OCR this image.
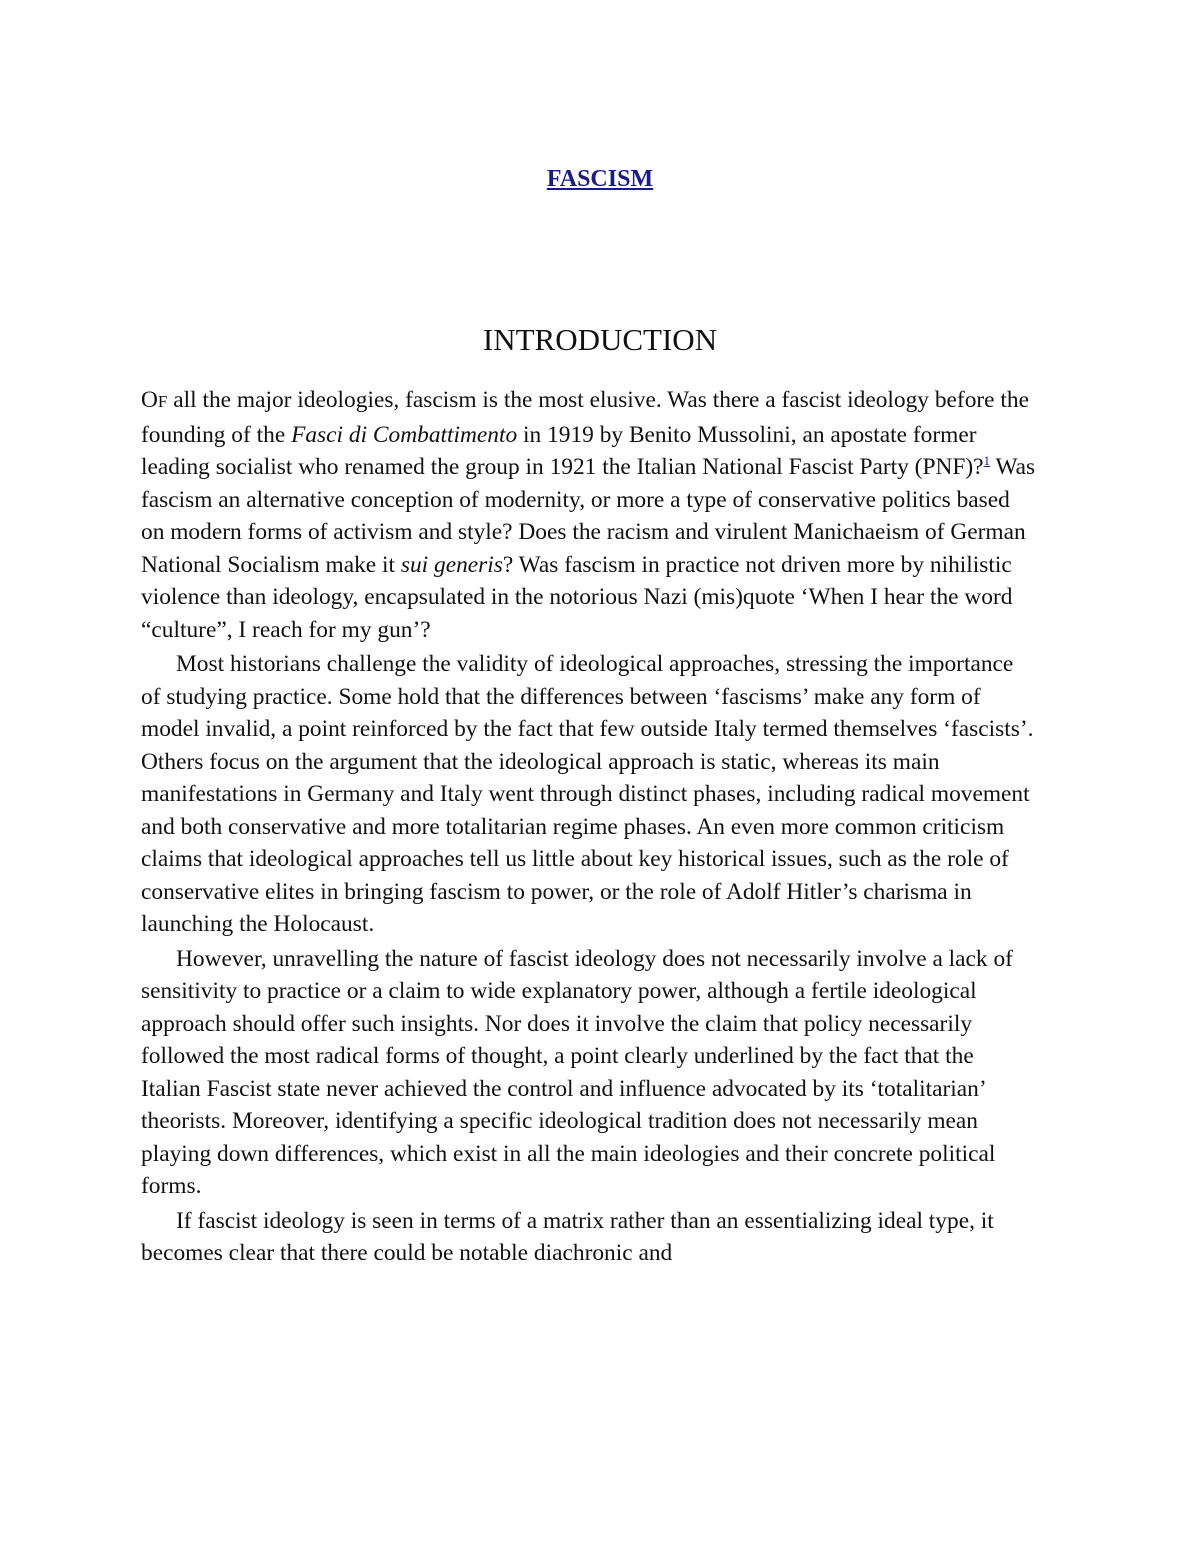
FASCISM
INTRODUCTION

OF all the major ideologies, fascism is the most elusive. Was there a fascist ideology before the founding of the Fasci di Combattimento in 1919 by Benito Mussolini, an apostate former leading socialist who renamed the group in 1921 the Italian National Fascist Party (PNF)?$^1$ Was fascism an alternative conception of modernity, or more a type of conservative politics based on modern forms of activism and style? Does the racism and virulent Manichaeism of German National Socialism make it sui generis? Was fascism in practice not driven more by nihilistic violence than ideology, encapsulated in the notorious Nazi (mis)quote ‘When I hear the word “culture”, I reach for my gun’?

Most historians challenge the validity of ideological approaches, stressing the importance of studying practice. Some hold that the differences between ‘fascisms’ make any form of model invalid, a point reinforced by the fact that few outside Italy termed themselves ‘fascists’. Others focus on the argument that the ideological approach is static, whereas its main manifestations in Germany and Italy went through distinct phases, including radical movement and both conservative and more totalitarian regime phases. An even more common criticism claims that ideological approaches tell us little about key historical issues, such as the role of conservative elites in bringing fascism to power, or the role of Adolf Hitler’s charisma in launching the Holocaust.

However, unravelling the nature of fascist ideology does not necessarily involve a lack of sensitivity to practice or a claim to wide explanatory power, although a fertile ideological approach should offer such insights. Nor does it involve the claim that policy necessarily followed the most radical forms of thought, a point clearly underlined by the fact that the Italian Fascist state never achieved the control and influence advocated by its ‘totalitarian’ theorists. Moreover, identifying a specific ideological tradition does not necessarily mean playing down differences, which exist in all the main ideologies and their concrete political forms.

If fascist ideology is seen in terms of a matrix rather than an essentializing ideal type, it becomes clear that there could be notable diachronic and
